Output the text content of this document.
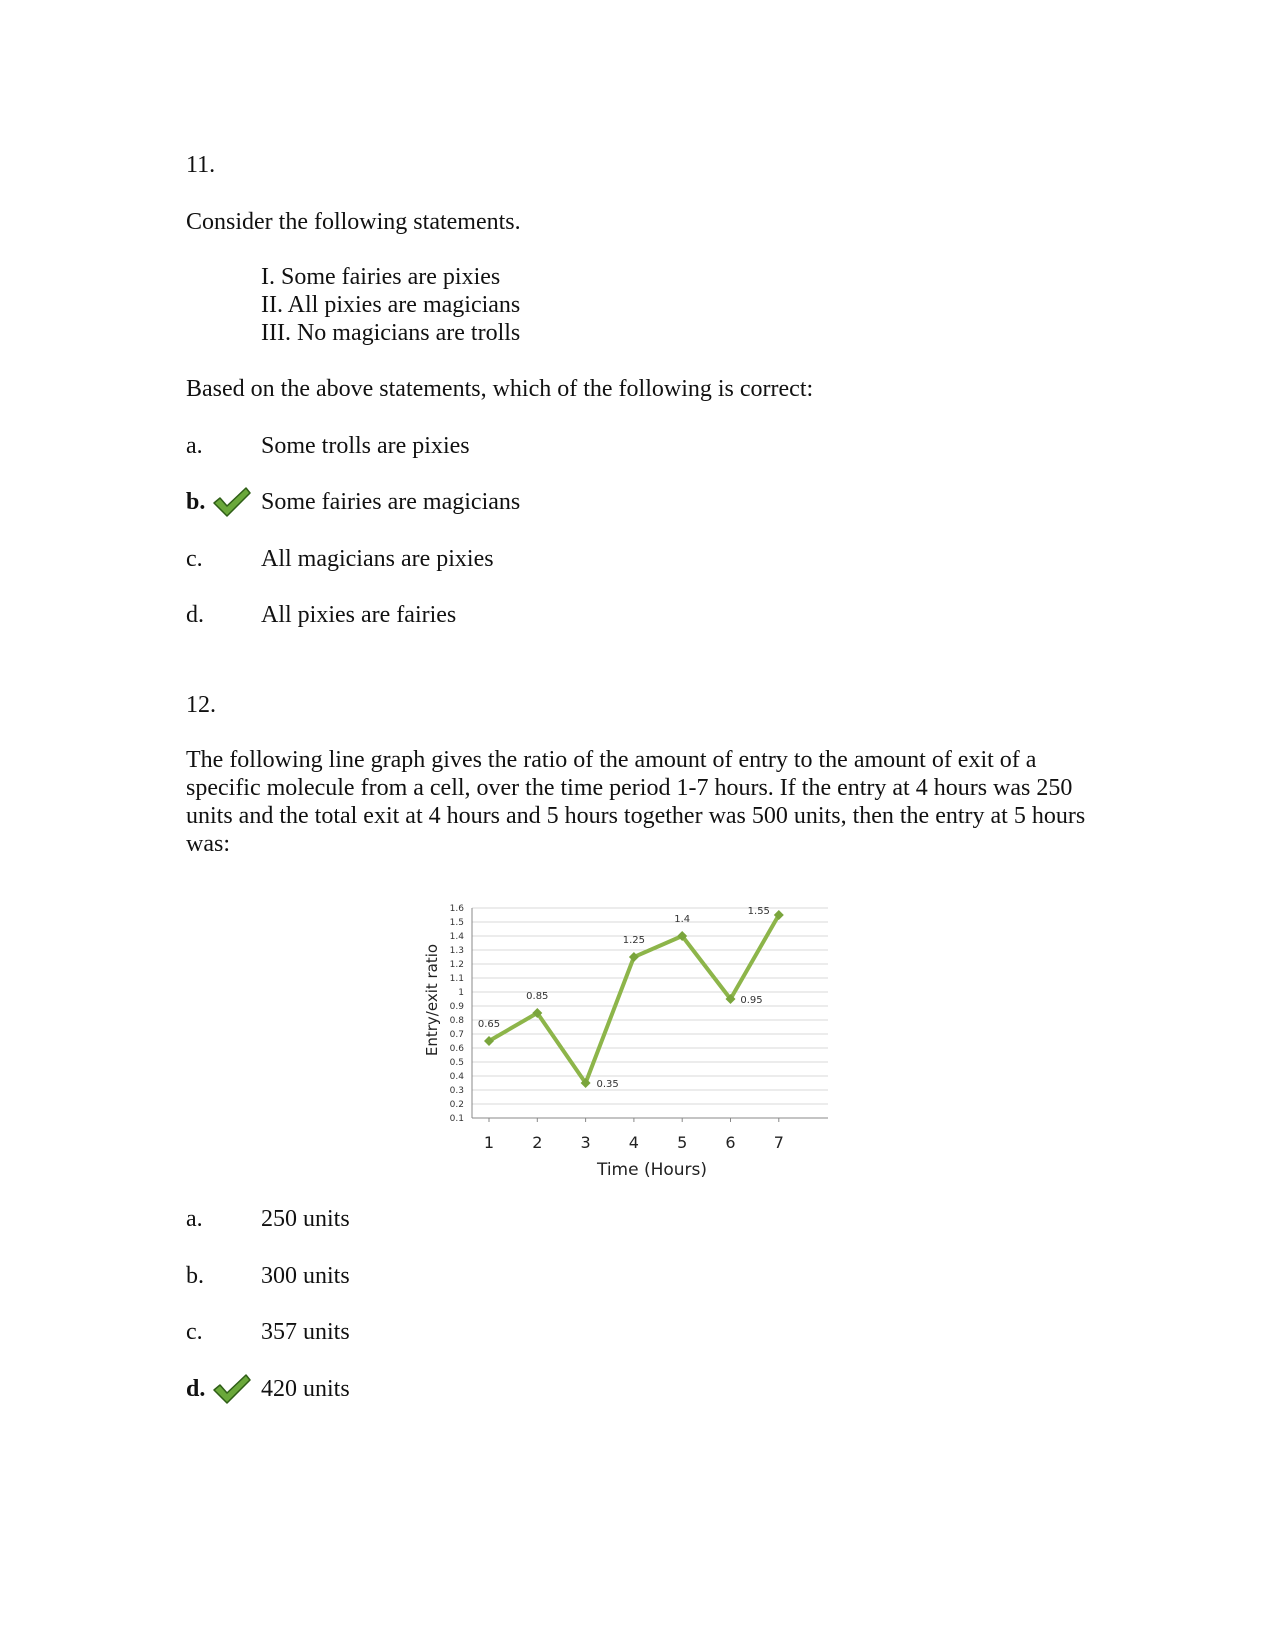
11.
Consider the following statements.
I. Some fairies are pixies
II. All pixies are magicians
III. No magicians are trolls
Based on the above statements, which of the following is correct:
a. Some trolls are pixies
b. Some fairies are magicians
c. All magicians are pixies
d. All pixies are fairies
12.
The following line graph gives the ratio of the amount of entry to the amount of exit of a specific molecule from a cell, over the time period 1-7 hours. If the entry at 4 hours was 250 units and the total exit at 4 hours and 5 hours together was 500 units, then the entry at 5 hours was:
0.1
0.2
0.3
0.4
0.5
0.6
0.7
0.8
0.9
1
1.1
1.2
1.3
1.4
1.5
1.6
1 2 3 4 5 6 7
0.65
0.85
0.35
1.25
1.4
0.95
1.55
Entry/exit ratio
Time (Hours)
a. 250 units
b. 300 units
c. 357 units
d. 420 units
